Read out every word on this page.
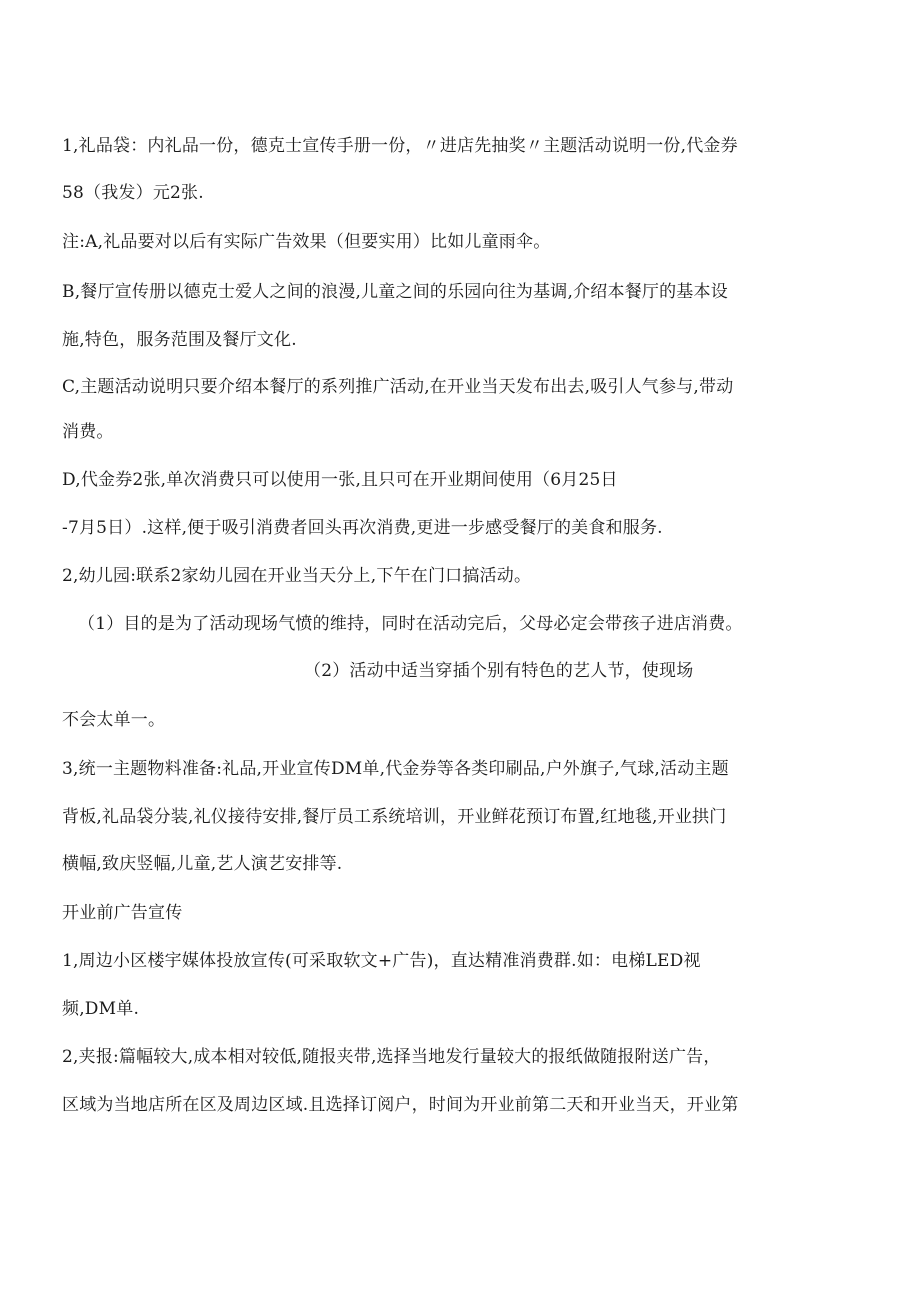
1,礼品袋：内礼品一份，德克士宣传手册一份，〃进店先抽奖〃主题活动说明一份,代金券
58（我发）元2张.
注:A,礼品要对以后有实际广告效果（但要实用）比如儿童雨伞。
B,餐厅宣传册以德克士爱人之间的浪漫,儿童之间的乐园向往为基调,介绍本餐厅的基本设
施,特色，服务范围及餐厅文化.
C,主题活动说明只要介绍本餐厅的系列推广活动,在开业当天发布出去,吸引人气参与,带动
消费。
D,代金券2张,单次消费只可以使用一张,且只可在开业期间使用（6月25日
-7月5日）.这样,便于吸引消费者回头再次消费,更进一步感受餐厅的美食和服务.
2,幼儿园:联系2家幼儿园在开业当天分上,下午在门口搞活动。
（1）目的是为了活动现场气愤的维持，同时在活动完后，父母必定会带孩子进店消费。
（2）活动中适当穿插个别有特色的艺人节，使现场
不会太单一。
3,统一主题物料准备:礼品,开业宣传DM单,代金券等各类印刷品,户外旗子,气球,活动主题
背板,礼品袋分装,礼仪接待安排,餐厅员工系统培训，开业鲜花预订布置,红地毯,开业拱门
横幅,致庆竖幅,儿童,艺人演艺安排等.
开业前广告宣传
1,周边小区楼宇媒体投放宣传(可采取软文+广告)，直达精准消费群.如：电梯LED视
频,DM单.
2,夹报:篇幅较大,成本相对较低,随报夹带,选择当地发行量较大的报纸做随报附送广告，
区域为当地店所在区及周边区域.且选择订阅户，时间为开业前第二天和开业当天，开业第
